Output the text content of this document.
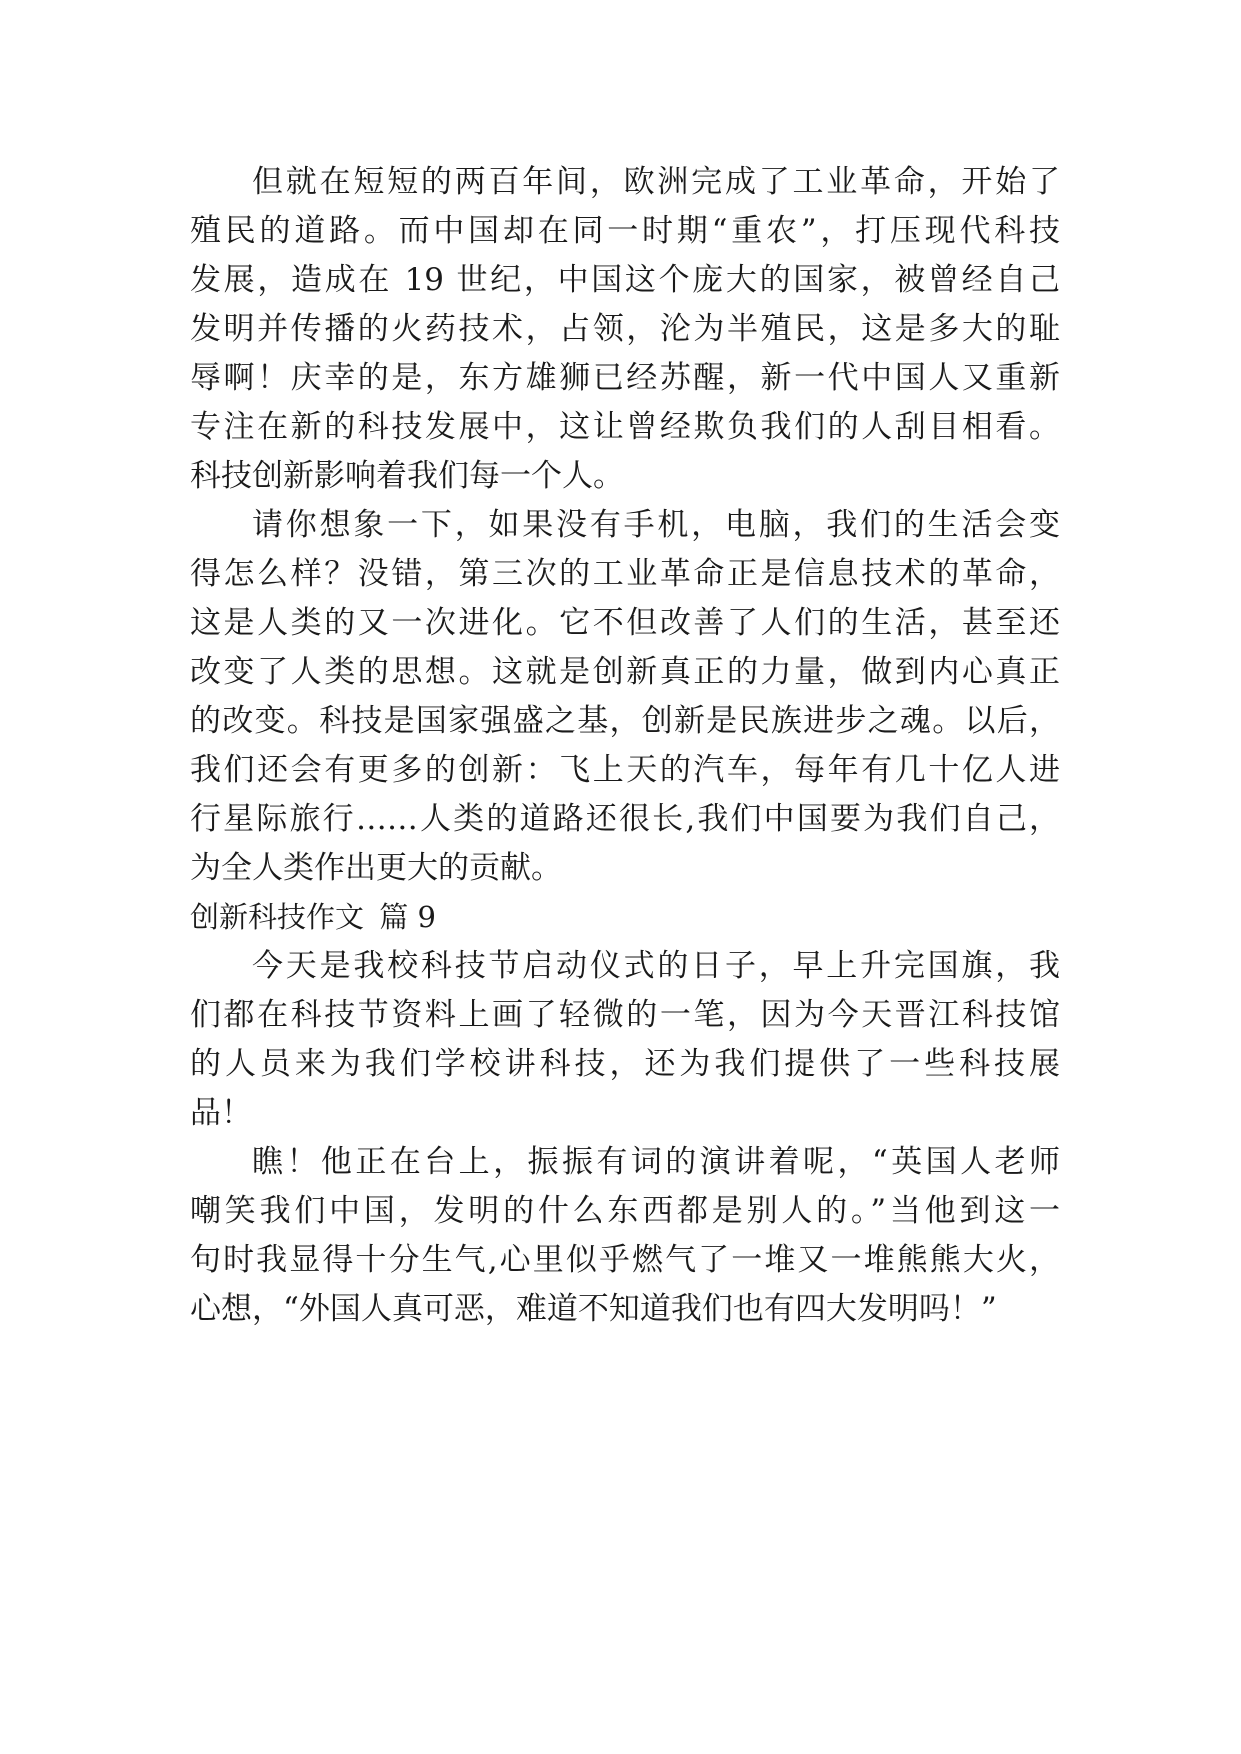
但就在短短的两百年间，欧洲完成了工业革命，开始了
殖民的道路。而中国却在同一时期“重农”，打压现代科技
发展，造成在 19 世纪，中国这个庞大的国家，被曾经自己
发明并传播的火药技术，占领，沦为半殖民，这是多大的耻
辱啊！庆幸的是，东方雄狮已经苏醒，新一代中国人又重新
专注在新的科技发展中，这让曾经欺负我们的人刮目相看。
科技创新影响着我们每一个人。
请你想象一下，如果没有手机，电脑，我们的生活会变
得怎么样？没错，第三次的工业革命正是信息技术的革命，
这是人类的又一次进化。它不但改善了人们的生活，甚至还
改变了人类的思想。这就是创新真正的力量，做到内心真正
的改变。科技是国家强盛之基，创新是民族进步之魂。以后，
我们还会有更多的创新：飞上天的汽车，每年有几十亿人进
行星际旅行……人类的道路还很长,我们中国要为我们自己，
为全人类作出更大的贡献。
创新科技作文 篇 9
今天是我校科技节启动仪式的日子，早上升完国旗，我
们都在科技节资料上画了轻微的一笔，因为今天晋江科技馆
的人员来为我们学校讲科技，还为我们提供了一些科技展
品！
瞧！他正在台上，振振有词的演讲着呢，“英国人老师
嘲笑我们中国，发明的什么东西都是别人的。”当他到这一
句时我显得十分生气,心里似乎燃气了一堆又一堆熊熊大火，
心想，“外国人真可恶，难道不知道我们也有四大发明吗！”
